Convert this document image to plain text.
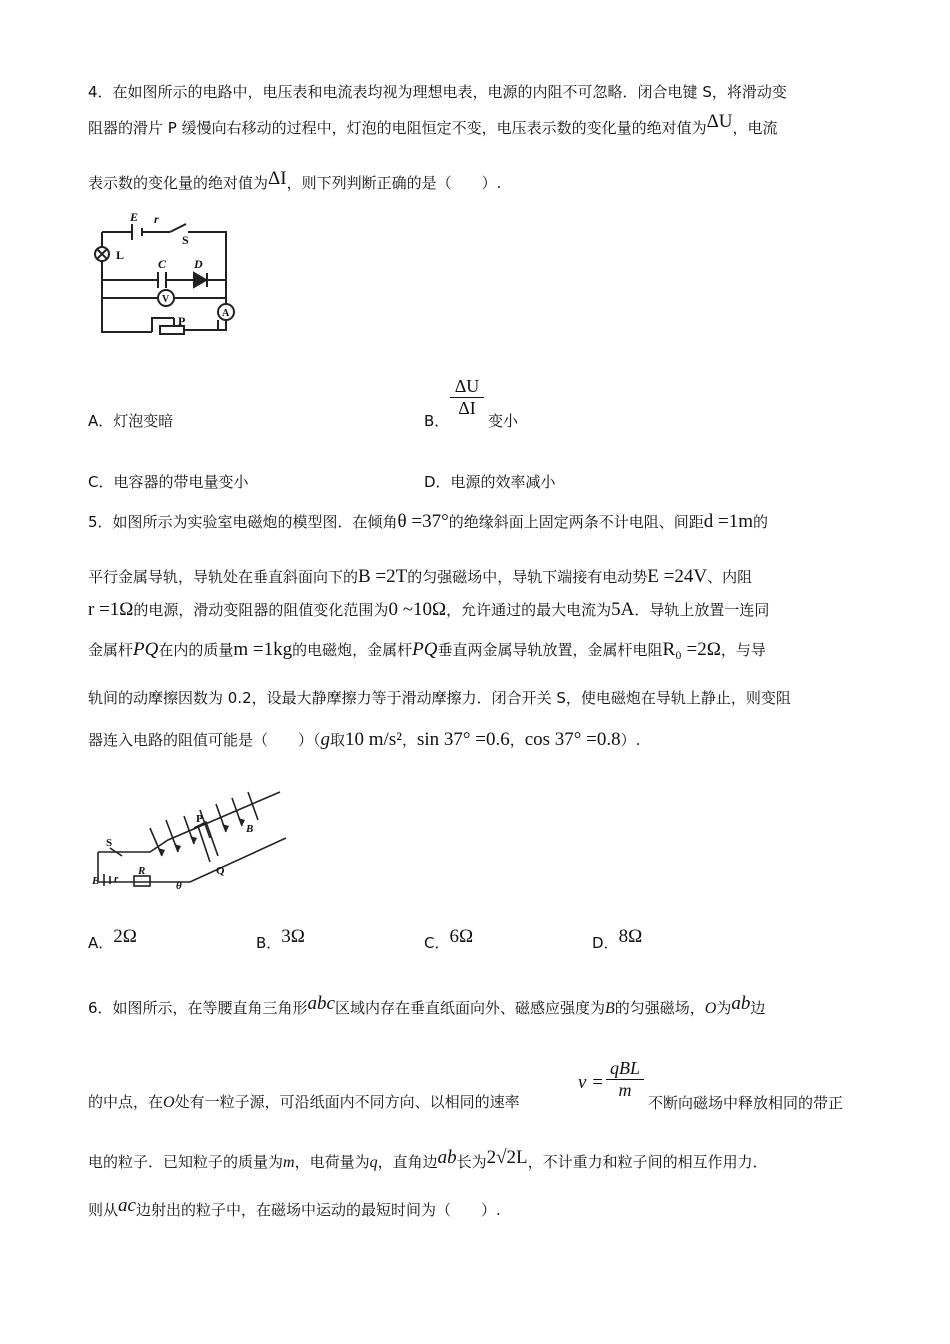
4．在如图所示的电路中，电压表和电流表均视为理想电表，电源的内阻不可忽略．闭合电键 S，将滑动变
阻器的滑片 P 缓慢向右移动的过程中，灯泡的电阻恒定不变，电压表示数的变化量的绝对值为ΔU，电流
表示数的变化量的绝对值为ΔI，则下列判断正确的是（　　）.
E r
S
L
C D
V
A
P
A．灯泡变暗	B．
$\frac{\Delta U}{\Delta I}$
变小
C．电容器的带电量变小	D．电源的效率减小
5．如图所示为实验室电磁炮的模型图．在倾角θ =37°的绝缘斜面上固定两条不计电阻、间距d =1m的
平行金属导轨，导轨处在垂直斜面向下的B =2T的匀强磁场中，导轨下端接有电动势E =24V、内阻
r =1Ω的电源，滑动变阻器的阻值变化范围为0 ~10Ω，允许通过的最大电流为5A．导轨上放置一连同
金属杆PQ在内的质量m =1kg的电磁炮，金属杆PQ垂直两金属导轨放置，金属杆电阻R₀ =2Ω，与导
轨间的动摩擦因数为 0.2，设最大静摩擦力等于滑动摩擦力．闭合开关 S，使电磁炮在导轨上静止，则变阻
器连入电路的阻值可能是（　　）（g取10 m/s²，sin 37° =0.6，cos 37° =0.8）.
S
E r
R
P
Q
B
θ
A．2Ω	B．3Ω	C．6Ω	D．8Ω
6．如图所示，在等腰直角三角形abc区域内存在垂直纸面向外、磁感应强度为B的匀强磁场，O为ab边
v =
qBL
m
的中点，在O处有一粒子源，可沿纸面内不同方向、以相同的速率	不断向磁场中释放相同的带正
电的粒子．已知粒子的质量为m，电荷量为q，直角边ab长为2√2L，不计重力和粒子间的相互作用力．
则从ac边射出的粒子中，在磁场中运动的最短时间为（　　）.
